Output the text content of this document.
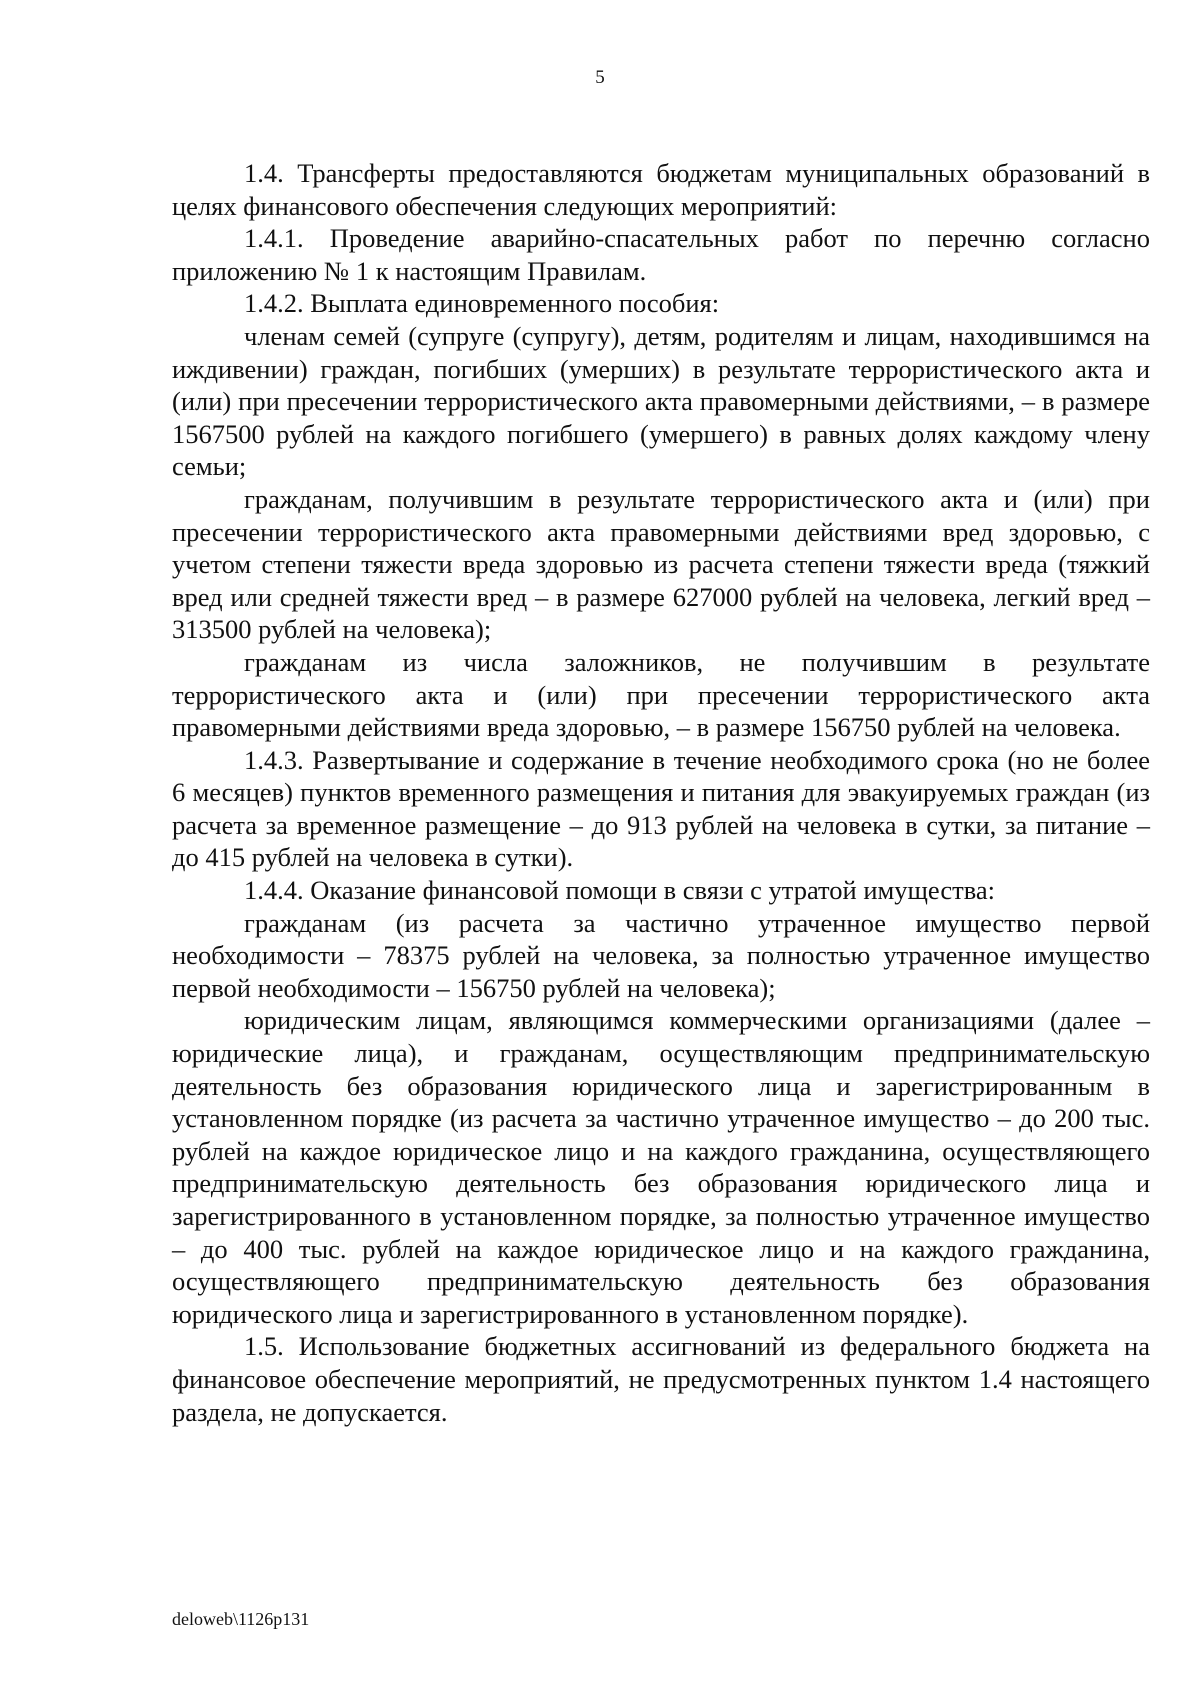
5

1.4. Трансферты предоставляются бюджетам муниципальных образований в целях финансового обеспечения следующих мероприятий:

1.4.1. Проведение аварийно-спасательных работ по перечню согласно приложению № 1 к настоящим Правилам.

1.4.2. Выплата единовременного пособия:

членам семей (супруге (супругу), детям, родителям и лицам, находившимся на иждивении) граждан, погибших (умерших) в результате террористического акта и (или) при пресечении террористического акта правомерными действиями, – в размере 1567500 рублей на каждого погибшего (умершего) в равных долях каждому члену семьи;

гражданам, получившим в результате террористического акта и (или) при пресечении террористического акта правомерными действиями вред здоровью, с учетом степени тяжести вреда здоровью из расчета степени тяжести вреда (тяжкий вред или средней тяжести вред – в размере 627000 рублей на человека, легкий вред – 313500 рублей на человека);

гражданам из числа заложников, не получившим в результате террористического акта и (или) при пресечении террористического акта правомерными действиями вреда здоровью, – в размере 156750 рублей на человека.

1.4.3. Развертывание и содержание в течение необходимого срока (но не более 6 месяцев) пунктов временного размещения и питания для эвакуируемых граждан (из расчета за временное размещение – до 913 рублей на человека в сутки, за питание – до 415 рублей на человека в сутки).

1.4.4. Оказание финансовой помощи в связи с утратой имущества:

гражданам (из расчета за частично утраченное имущество первой необходимости – 78375 рублей на человека, за полностью утраченное имущество первой необходимости – 156750 рублей на человека);

юридическим лицам, являющимся коммерческими организациями (далее – юридические лица), и гражданам, осуществляющим предпринимательскую деятельность без образования юридического лица и зарегистрированным в установленном порядке (из расчета за частично утраченное имущество – до 200 тыс. рублей на каждое юридическое лицо и на каждого гражданина, осуществляющего предпринимательскую деятельность без образования юридического лица и зарегистрированного в установленном порядке, за полностью утраченное имущество – до 400 тыс. рублей на каждое юридическое лицо и на каждого гражданина, осуществляющего предпринимательскую деятельность без образования юридического лица и зарегистрированного в установленном порядке).

1.5. Использование бюджетных ассигнований из федерального бюджета на финансовое обеспечение мероприятий, не предусмотренных пунктом 1.4 настоящего раздела, не допускается.

deloweb\1126p131
